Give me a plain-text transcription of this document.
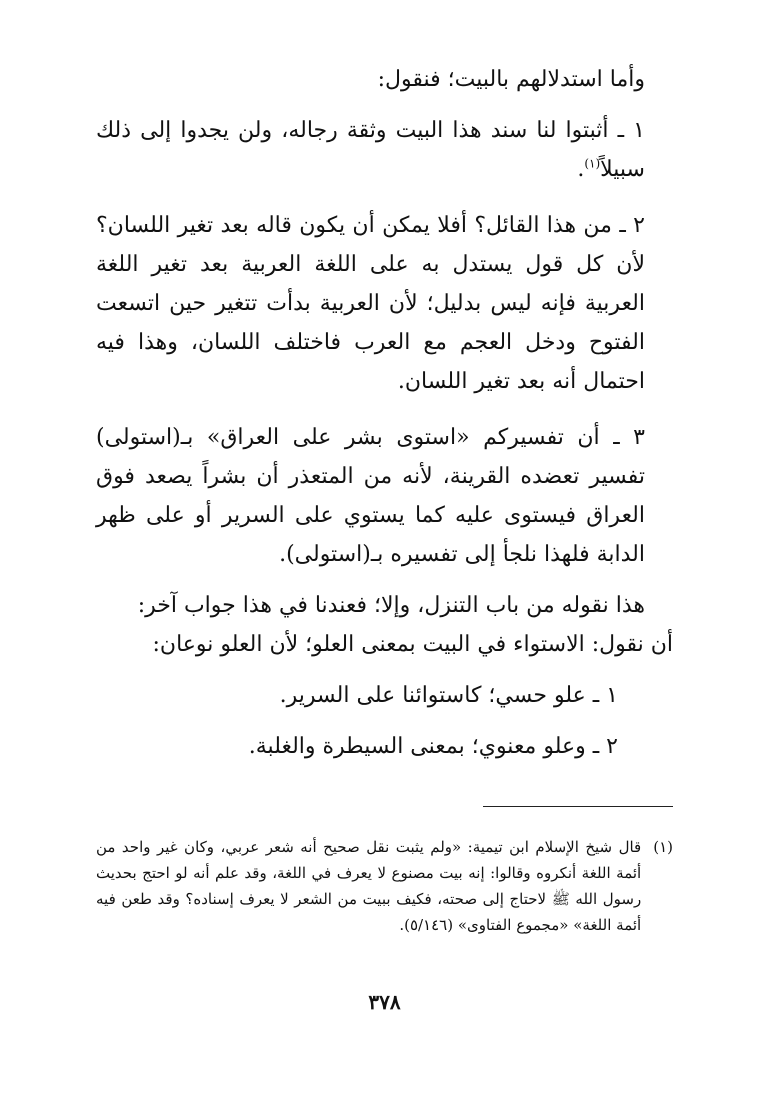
وأما استدلالهم بالبيت؛ فنقول:

١ ـ أثبتوا لنا سند هذا البيت وثقة رجاله، ولن يجدوا إلى ذلك سبيلاً$^{(١)}$.

٢ ـ من هذا القائل؟ أفلا يمكن أن يكون قاله بعد تغير اللسان؟ لأن كل قول يستدل به على اللغة العربية بعد تغير اللغة العربية فإنه ليس بدليل؛ لأن العربية بدأت تتغير حين اتسعت الفتوح ودخل العجم مع العرب فاختلف اللسان، وهذا فيه احتمال أنه بعد تغير اللسان.

٣ ـ أن تفسيركم «استوى بشر على العراق» بـ(استولى) تفسير تعضده القرينة، لأنه من المتعذر أن بشراً يصعد فوق العراق فيستوى عليه كما يستوي على السرير أو على ظهر الدابة فلهذا نلجأ إلى تفسيره بـ(استولى).

هذا نقوله من باب التنزل، وإلا؛ فعندنا في هذا جواب آخر:

أن نقول: الاستواء في البيت بمعنى العلو؛ لأن العلو نوعان:

١ ـ علو حسي؛ كاستوائنا على السرير.

٢ ـ وعلو معنوي؛ بمعنى السيطرة والغلبة.

(١)
قال شيخ الإسلام ابن تيمية: «ولم يثبت نقل صحيح أنه شعر عربي، وكان غير واحد من أئمة اللغة أنكروه وقالوا: إنه بيت مصنوع لا يعرف في اللغة، وقد علم أنه لو احتج بحديث رسول الله ﷺ لاحتاج إلى صحته، فكيف ببيت من الشعر لا يعرف إسناده؟ وقد طعن فيه أئمة اللغة» «مجموع الفتاوى» (٥/١٤٦).
٣٧٨
